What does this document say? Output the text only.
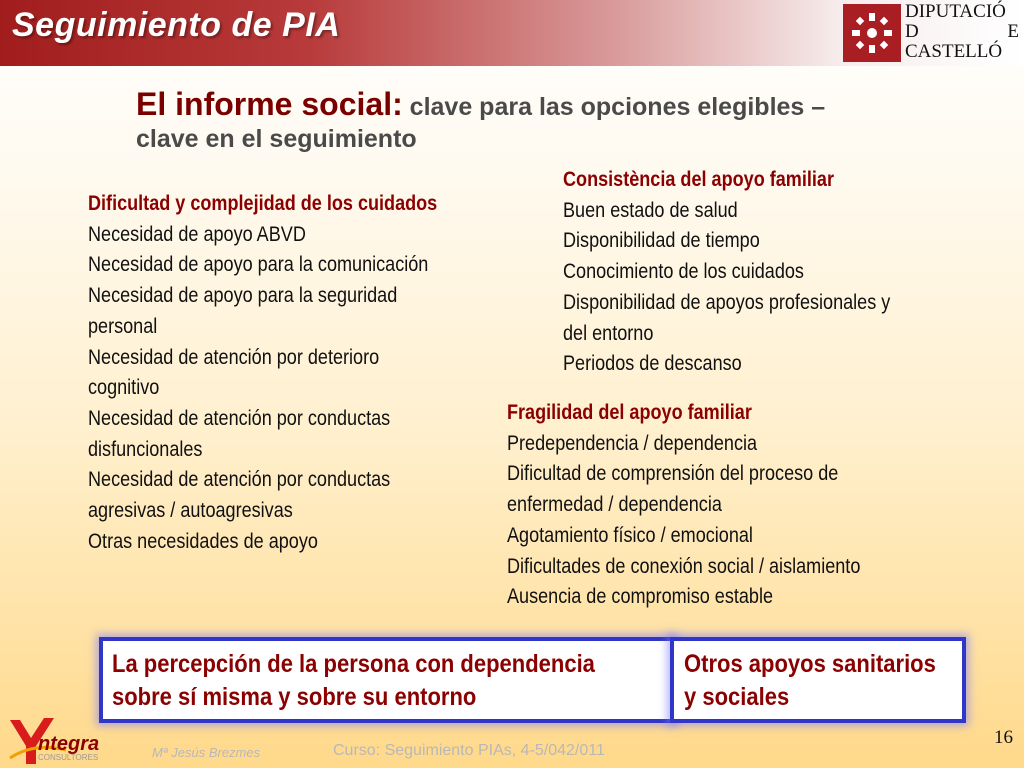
Seguimiento de PIA	DIPUTACIÓ
D	E
CASTELLÓ
El informe social: clave para las opciones elegibles –
clave en el seguimiento
Dificultad y complejidad de los cuidados
Necesidad de apoyo ABVD
Necesidad de apoyo para la comunicación
Necesidad de apoyo para la seguridad
personal
Necesidad de atención por deterioro
cognitivo
Necesidad de atención por conductas
disfuncionales
Necesidad de atención por conductas
agresivas / autoagresivas
Otras necesidades de apoyo
Consistència del apoyo familiar
Buen estado de salud
Disponibilidad de tiempo
Conocimiento de los cuidados
Disponibilidad de apoyos profesionales y
del entorno
Periodos de descanso
Fragilidad del apoyo familiar
Predependencia / dependencia
Dificultad de comprensión del proceso de
enfermedad / dependencia
Agotamiento físico / emocional
Dificultades de conexión social / aislamiento
Ausencia de compromiso estable
La percepción de la persona con dependencia
sobre sí misma y sobre su entorno
Otros apoyos sanitarios
y sociales
ntegra
CONSULTORES	Mª Jesús Brezmes	Curso: Seguimiento PIAs, 4-5/042/011
16
